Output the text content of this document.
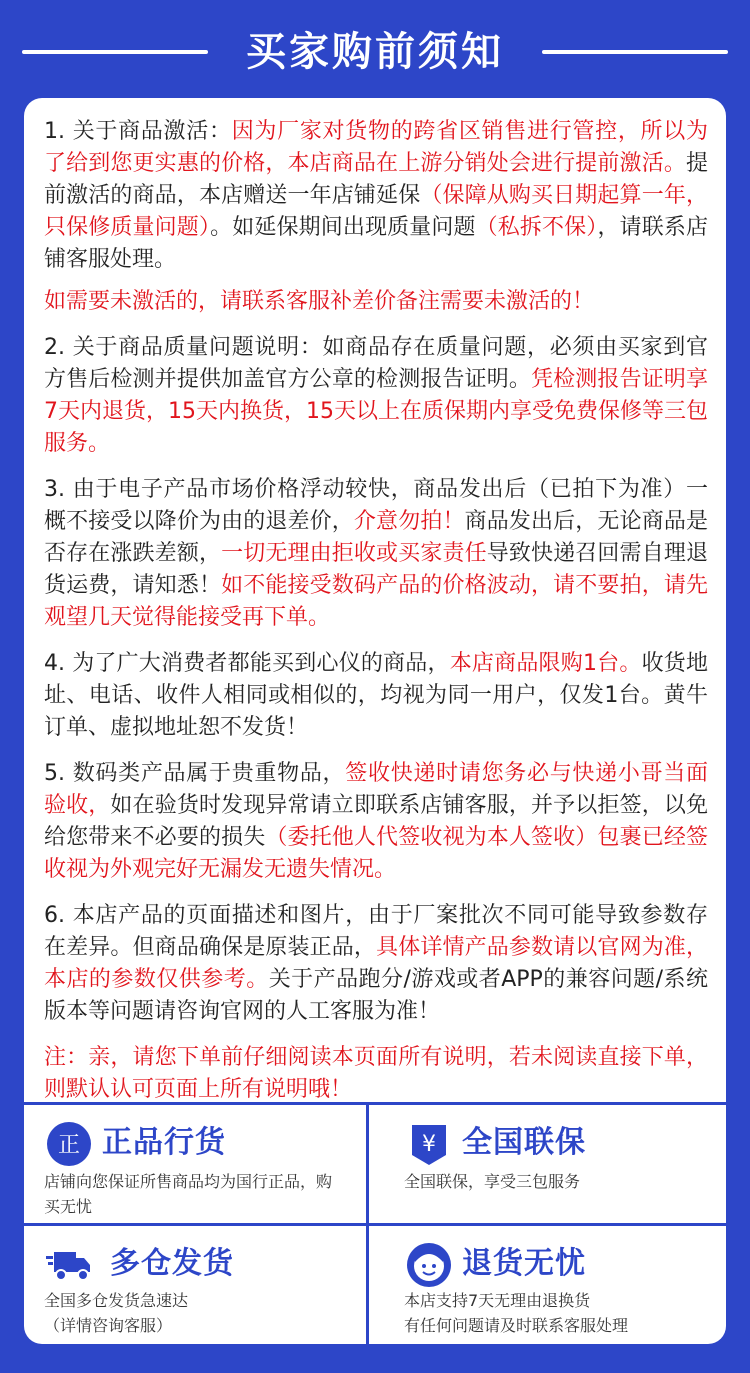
买家购前须知

1. 关于商品激活：因为厂家对货物的跨省区销售进行管控，所以为了给到您更实惠的价格，本店商品在上游分销处会进行提前激活。提前激活的商品，本店赠送一年店铺延保（保障从购买日期起算一年，只保修质量问题）。如延保期间出现质量问题（私拆不保），请联系店铺客服处理。

如需要未激活的，请联系客服补差价备注需要未激活的！

2. 关于商品质量问题说明：如商品存在质量问题，必须由买家到官方售后检测并提供加盖官方公章的检测报告证明。凭检测报告证明享7天内退货，15天内换货，15天以上在质保期内享受免费保修等三包服务。

3. 由于电子产品市场价格浮动较快，商品发出后（已拍下为准）一概不接受以降价为由的退差价，介意勿拍！商品发出后，无论商品是否存在涨跌差额，一切无理由拒收或买家责任导致快递召回需自理退货运费，请知悉！如不能接受数码产品的价格波动，请不要拍，请先观望几天觉得能接受再下单。

4. 为了广大消费者都能买到心仪的商品，本店商品限购1台。收货地址、电话、收件人相同或相似的，均视为同一用户，仅发1台。黄牛订单、虚拟地址恕不发货！

5. 数码类产品属于贵重物品，签收快递时请您务必与快递小哥当面验收，如在验货时发现异常请立即联系店铺客服，并予以拒签，以免给您带来不必要的损失（委托他人代签收视为本人签收）包裹已经签收视为外观完好无漏发无遗失情况。

6. 本店产品的页面描述和图片，由于厂案批次不同可能导致参数存在差异。但商品确保是原装正品，具体详情产品参数请以官网为准，本店的参数仅供参考。关于产品跑分/游戏或者APP的兼容问题/系统版本等问题请咨询官网的人工客服为准！

注：亲，请您下单前仔细阅读本页面所有说明，若未阅读直接下单，则默认认可页面上所有说明哦！

正 正品行货
店铺向您保证所售商品均为国行正品，购买无忧
¥ 全国联保
全国联保，享受三包服务
多仓发货
全国多仓发货急速达
（详情咨询客服）
退货无忧
本店支持7天无理由退换货
有任何问题请及时联系客服处理
